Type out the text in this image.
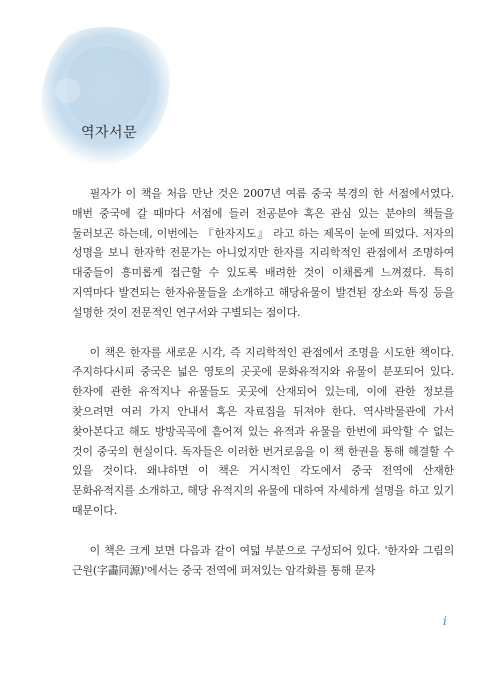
역자서문

필자가 이 책을 처음 만난 것은 2007년 여름 중국 북경의 한 서점에서였다. 매번 중국에 갈 때마다 서점에 들러 전공분야 혹은 관심 있는 분야의 책들을 둘러보곤 하는데, 이번에는 『한자지도』 라고 하는 제목이 눈에 띄었다. 저자의 성명을 보니 한자학 전문가는 아니었지만 한자를 지리학적인 관점에서 조명하여 대중들이 흥미롭게 접근할 수 있도록 배려한 것이 이채롭게 느껴졌다. 특히 지역마다 발견되는 한자유물들을 소개하고 해당유물이 발견된 장소와 특징 등을 설명한 것이 전문적인 연구서와 구별되는 점이다.

이 책은 한자를 새로운 시각, 즉 지리학적인 관점에서 조명을 시도한 책이다. 주지하다시피 중국은 넓은 영토의 곳곳에 문화유적지와 유물이 분포되어 있다. 한자에 관한 유적지나 유물들도 곳곳에 산재되어 있는데, 이에 관한 정보를 찾으려면 여러 가지 안내서 혹은 자료집을 뒤져야 한다. 역사박물관에 가서 찾아본다고 해도 방방곡곡에 흩어져 있는 유적과 유물을 한번에 파악할 수 없는 것이 중국의 현실이다. 독자들은 이러한 번거로움을 이 책 한권을 통해 해결할 수 있을 것이다. 왜냐하면 이 책은 거시적인 각도에서 중국 전역에 산재한 문화유적지를 소개하고, 해당 유적지의 유물에 대하여 자세하게 설명을 하고 있기 때문이다.

이 책은 크게 보면 다음과 같이 여덟 부분으로 구성되어 있다. '한자와 그림의 근원(字畵同源)'에서는 중국 전역에 퍼져있는 암각화를 통해 문자

i
